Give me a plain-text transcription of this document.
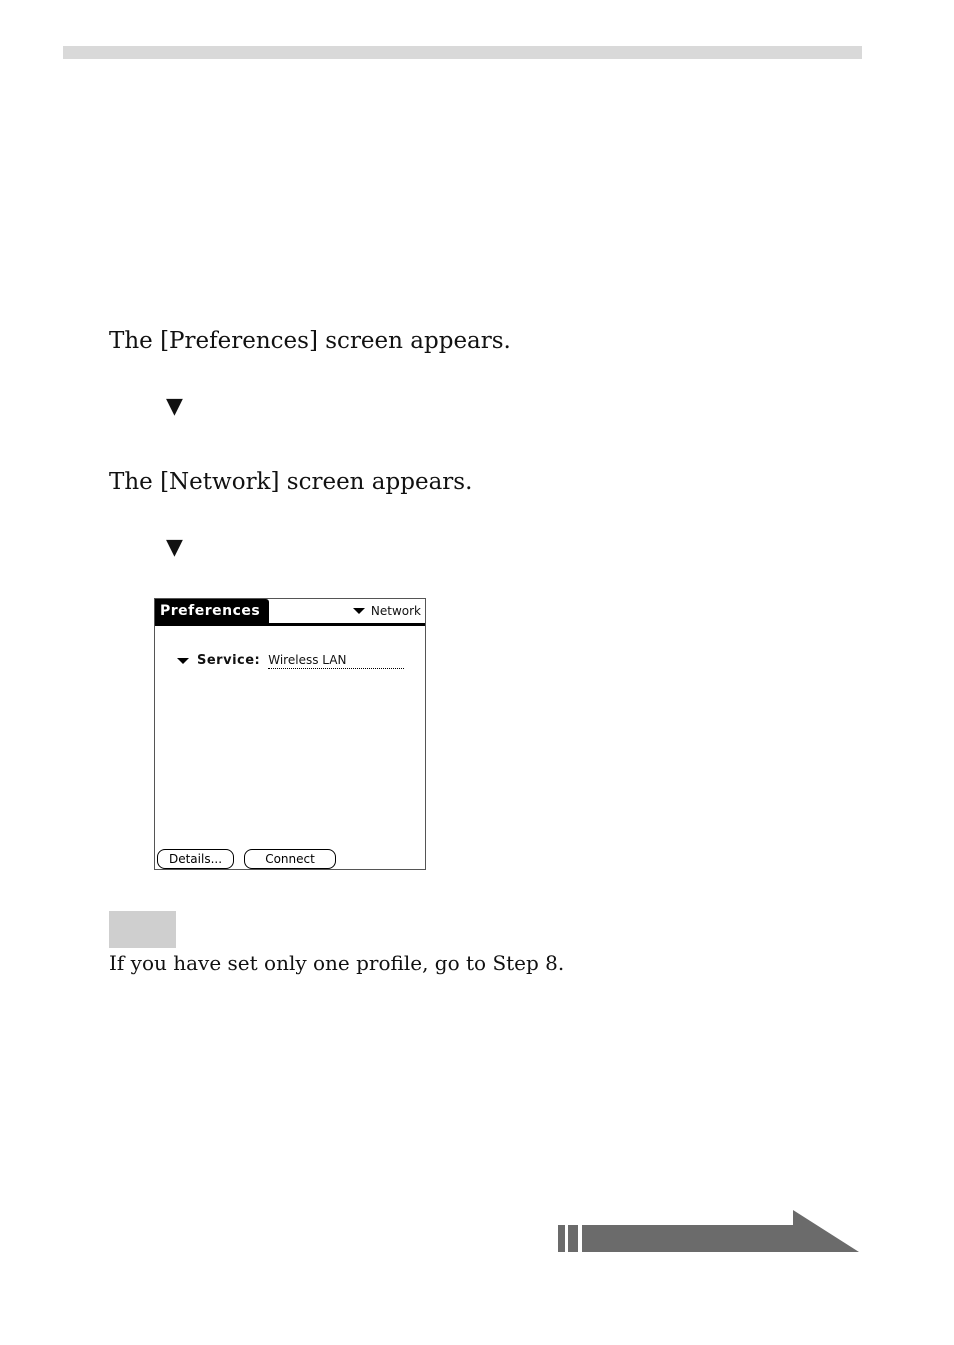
The [Preferences] screen appears.

▼

The [Network] screen appears.

▼
Preferences	Network
Service: Wireless LAN
Details...	Connect

If you have set only one profile, go to Step 8.
